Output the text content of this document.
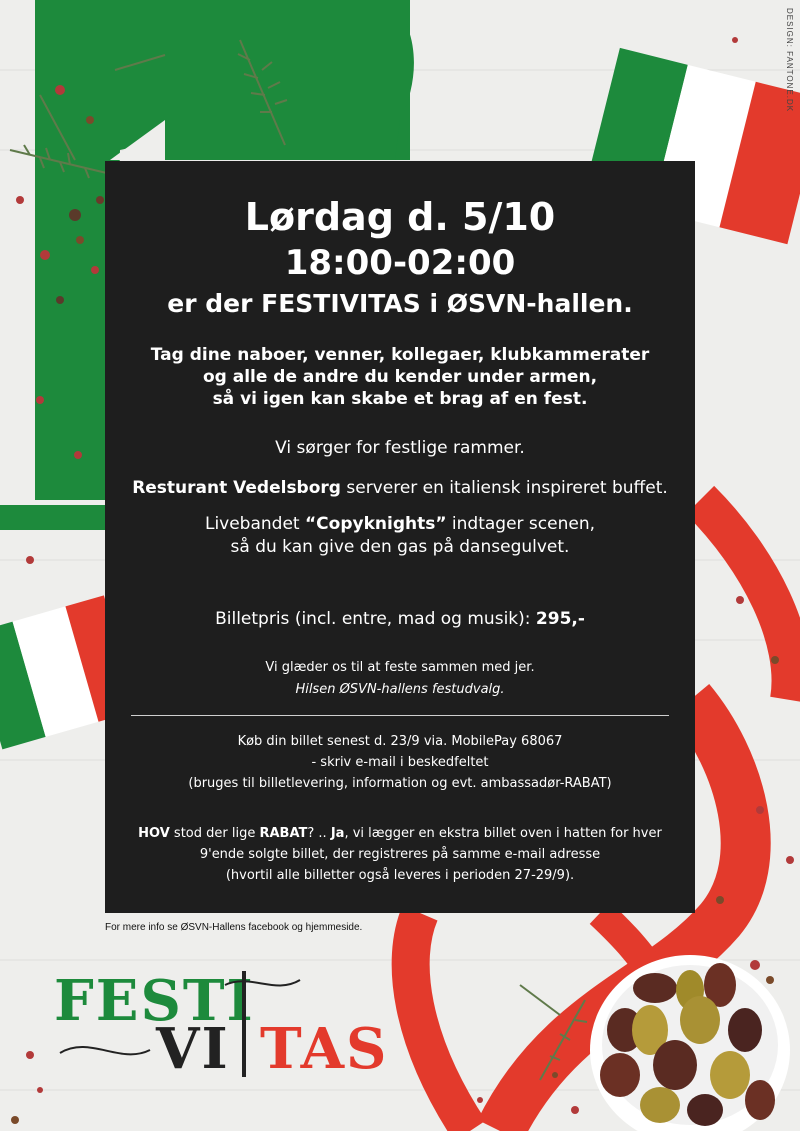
DESIGN: FANTONE.DK
Lørdag d. 5/10
18:00-02:00
er der FESTIVITAS i ØSVN-hallen.
Tag dine naboer, venner, kollegaer, klubkammerater
og alle de andre du kender under armen,
så vi igen kan skabe et brag af en fest.
Vi sørger for festlige rammer.
Resturant Vedelsborg serverer en italiensk inspireret buffet.
Livebandet “Copyknights” indtager scenen,
så du kan give den gas på dansegulvet.
Billetpris (incl. entre, mad og musik): 295,-
Vi glæder os til at feste sammen med jer.
Hilsen ØSVN-hallens festudvalg.
Køb din billet senest d. 23/9 via. MobilePay 68067
- skriv e-mail i beskedfeltet
(bruges til billetlevering, information og evt. ambassadør-RABAT)
HOV stod der lige RABAT? .. Ja, vi lægger en ekstra billet oven i hatten for hver
9'ende solgte billet, der registreres på samme e-mail adresse
(hvortil alle billetter også leveres i perioden 27-29/9).
For mere info se ØSVN-Hallens facebook og hjemmeside.
FESTI
VI TAS
